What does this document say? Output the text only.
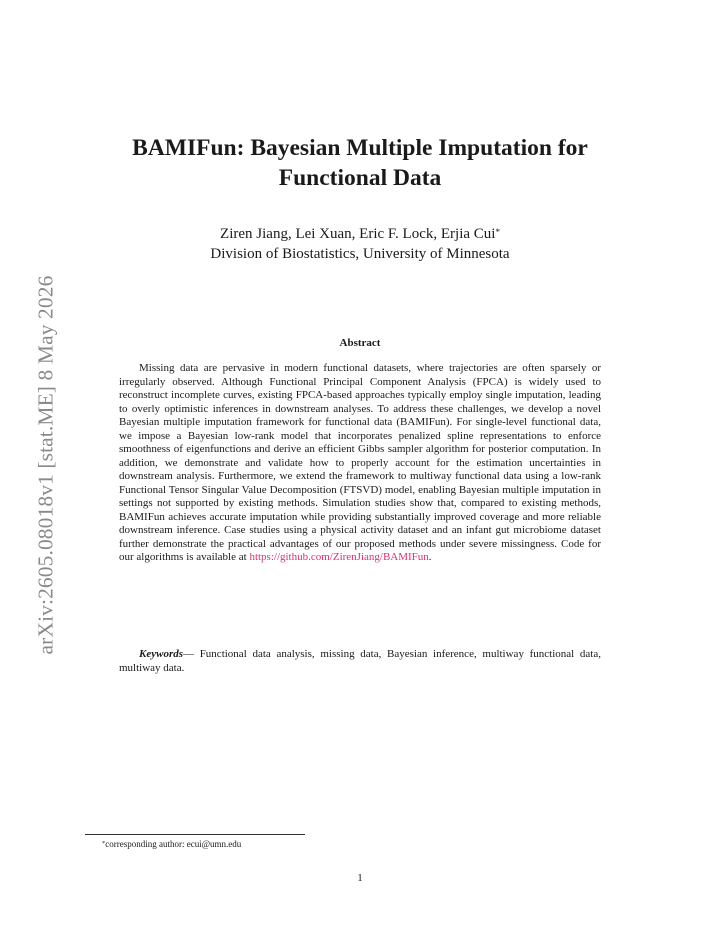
arXiv:2605.08018v1 [stat.ME] 8 May 2026
BAMIFun: Bayesian Multiple Imputation for
Functional Data
Ziren Jiang, Lei Xuan, Eric F. Lock, Erjia Cui*
Division of Biostatistics, University of Minnesota
Abstract

Missing data are pervasive in modern functional datasets, where trajectories are often sparsely or irregularly observed. Although Functional Principal Component Analysis (FPCA) is widely used to reconstruct incomplete curves, existing FPCA-based approaches typically employ single imputation, leading to overly optimistic inferences in downstream analyses. To address these challenges, we develop a novel Bayesian multiple imputation framework for functional data (BAMIFun). For single-level functional data, we impose a Bayesian low-rank model that incorporates penalized spline representations to enforce smoothness of eigenfunctions and derive an efficient Gibbs sampler algorithm for posterior computation. In addition, we demonstrate and validate how to properly account for the estimation uncertainties in downstream analysis. Furthermore, we extend the framework to multiway functional data using a low-rank Functional Tensor Singular Value Decomposition (FTSVD) model, enabling Bayesian multiple imputation in settings not supported by existing methods. Simulation studies show that, compared to existing methods, BAMIFun achieves accurate imputation while providing substantially improved coverage and more reliable downstream inference. Case studies using a physical activity dataset and an infant gut microbiome dataset further demonstrate the practical advantages of our proposed methods under severe missingness. Code for our algorithms is available at https://github.com/ZirenJiang/BAMIFun.

Keywords— Functional data analysis, missing data, Bayesian inference, multiway functional data, multiway data.

*corresponding author: ecui@umn.edu
1
